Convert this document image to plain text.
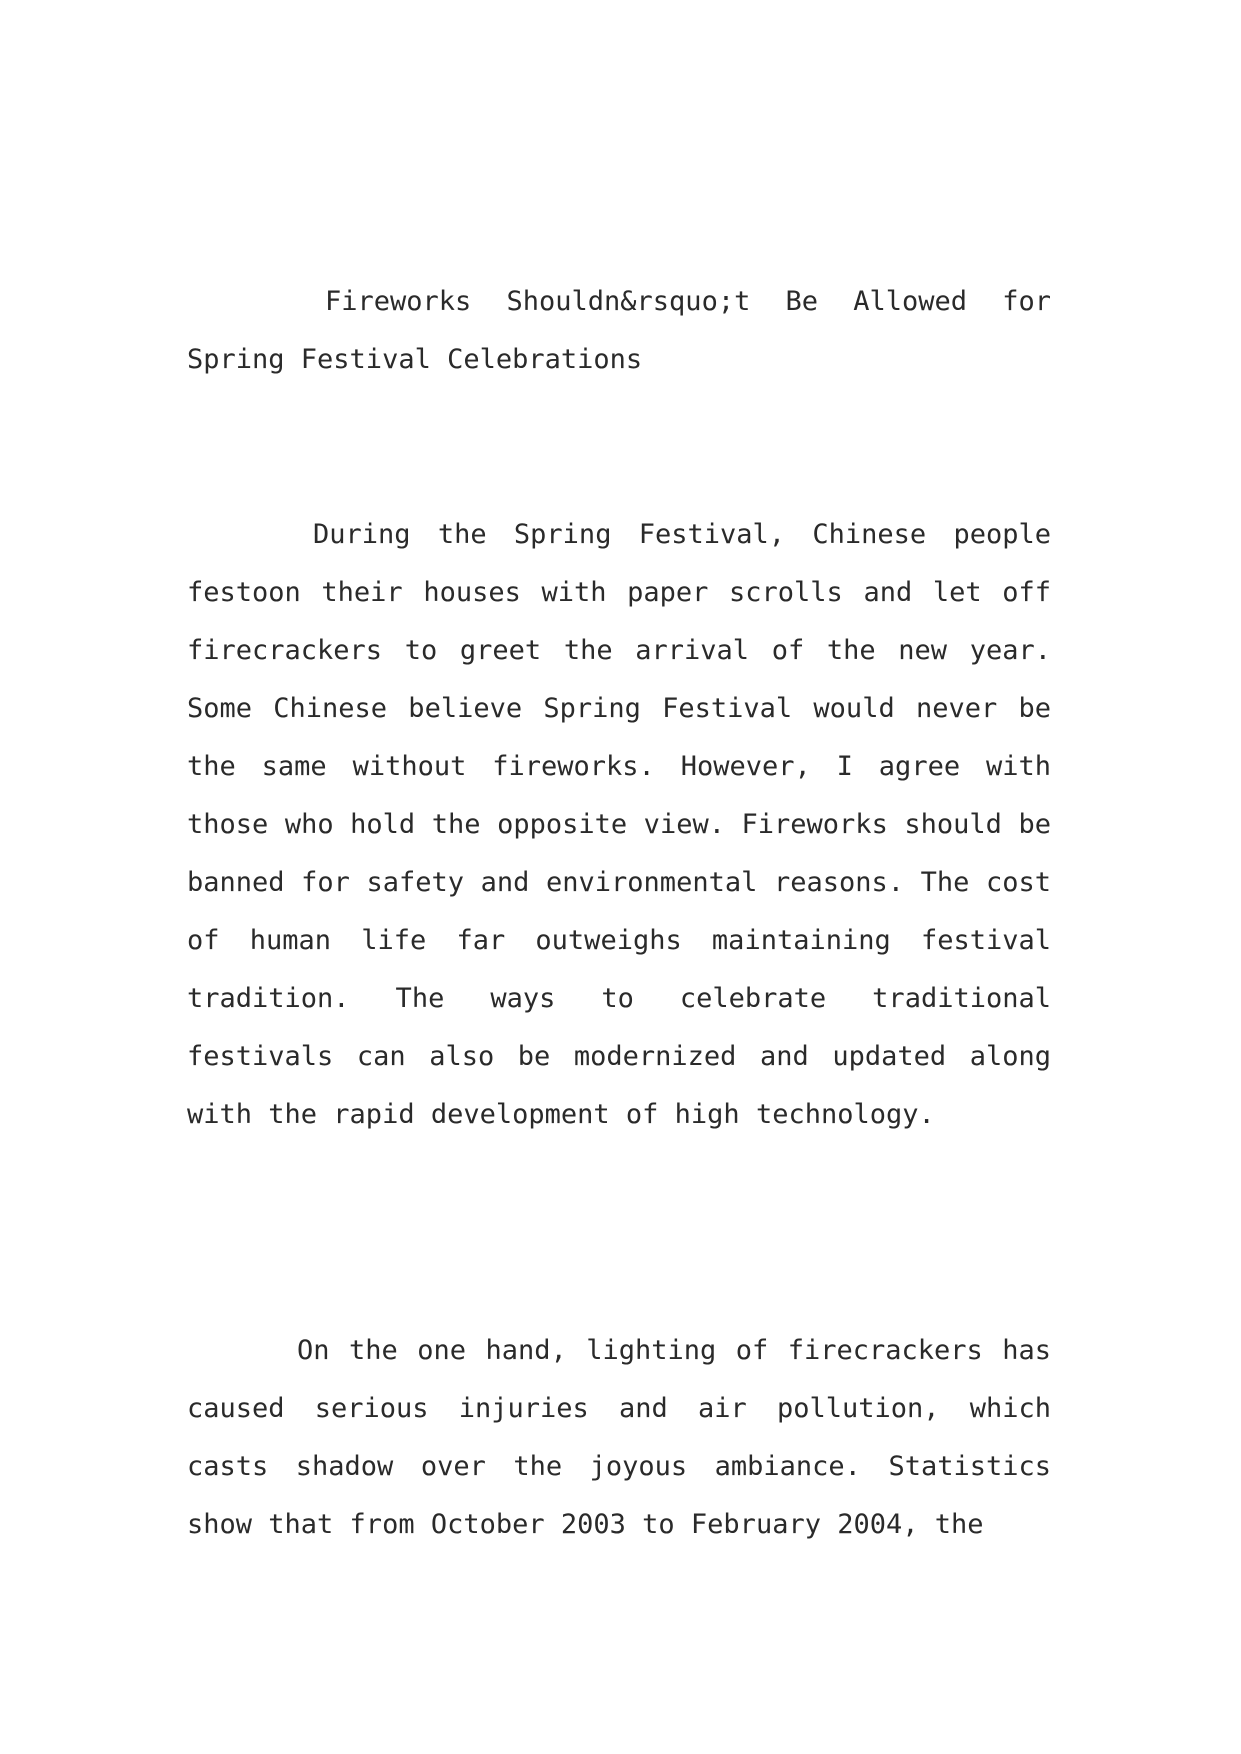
Fireworks Shouldn&rsquo;t Be Allowed for Spring Festival Celebrations

During the Spring Festival, Chinese people festoon their houses with paper scrolls and let off firecrackers to greet the arrival of the new year. Some Chinese believe Spring Festival would never be the same without fireworks. However, I agree with those who hold the opposite view. Fireworks should be banned for safety and environmental reasons. The cost of human life far outweighs maintaining festival tradition. The ways to celebrate traditional festivals can also be modernized and updated along with the rapid development of high technology.

On the one hand, lighting of firecrackers has caused serious injuries and air pollution, which casts shadow over the joyous ambiance. Statistics show that from October 2003 to February 2004, the
